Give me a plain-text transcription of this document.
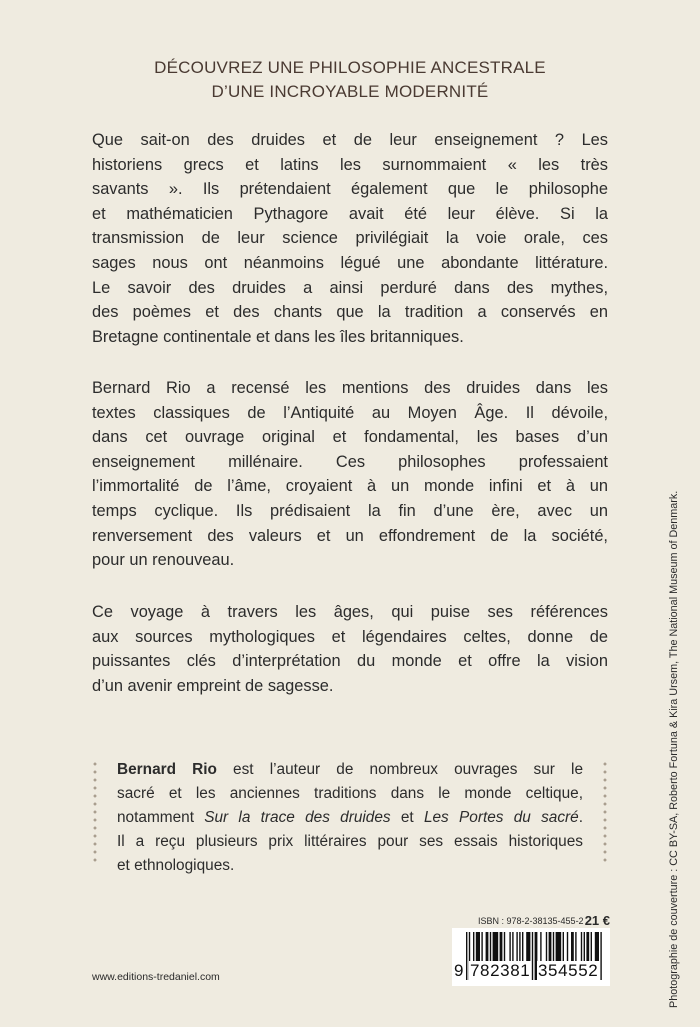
DÉCOUVREZ UNE PHILOSOPHIE ANCESTRALE
D’UNE INCROYABLE MODERNITÉ
Que sait-on des druides et de leur enseignement ? Les
historiens grecs et latins les surnommaient « les très
savants ». Ils prétendaient également que le philosophe
et mathématicien Pythagore avait été leur élève. Si la
transmission de leur science privilégiait la voie orale, ces
sages nous ont néanmoins légué une abondante littérature.
Le savoir des druides a ainsi perduré dans des mythes,
des poèmes et des chants que la tradition a conservés en
Bretagne continentale et dans les îles britanniques.
Bernard Rio a recensé les mentions des druides dans les
textes classiques de l’Antiquité au Moyen Âge. Il dévoile,
dans cet ouvrage original et fondamental, les bases d’un
enseignement millénaire. Ces philosophes professaient
l’immortalité de l’âme, croyaient à un monde infini et à un
temps cyclique. Ils prédisaient la fin d’une ère, avec un
renversement des valeurs et un effondrement de la société,
pour un renouveau.
Ce voyage à travers les âges, qui puise ses références
aux sources mythologiques et légendaires celtes, donne de
puissantes clés d’interprétation du monde et offre la vision
d’un avenir empreint de sagesse.
Bernard Rio est l’auteur de nombreux ouvrages sur le
sacré et les anciennes traditions dans le monde celtique,
notamment Sur la trace des druides et Les Portes du sacré.
Il a reçu plusieurs prix littéraires pour ses essais historiques
et ethnologiques.
www.editions-tredaniel.com
ISBN : 978-2-38135-455-2 21 €
9 782381 354552	Photographie de couverture : CC BY-SA, Roberto Fortuna & Kira Ursem, The National Museum of Denmark.
